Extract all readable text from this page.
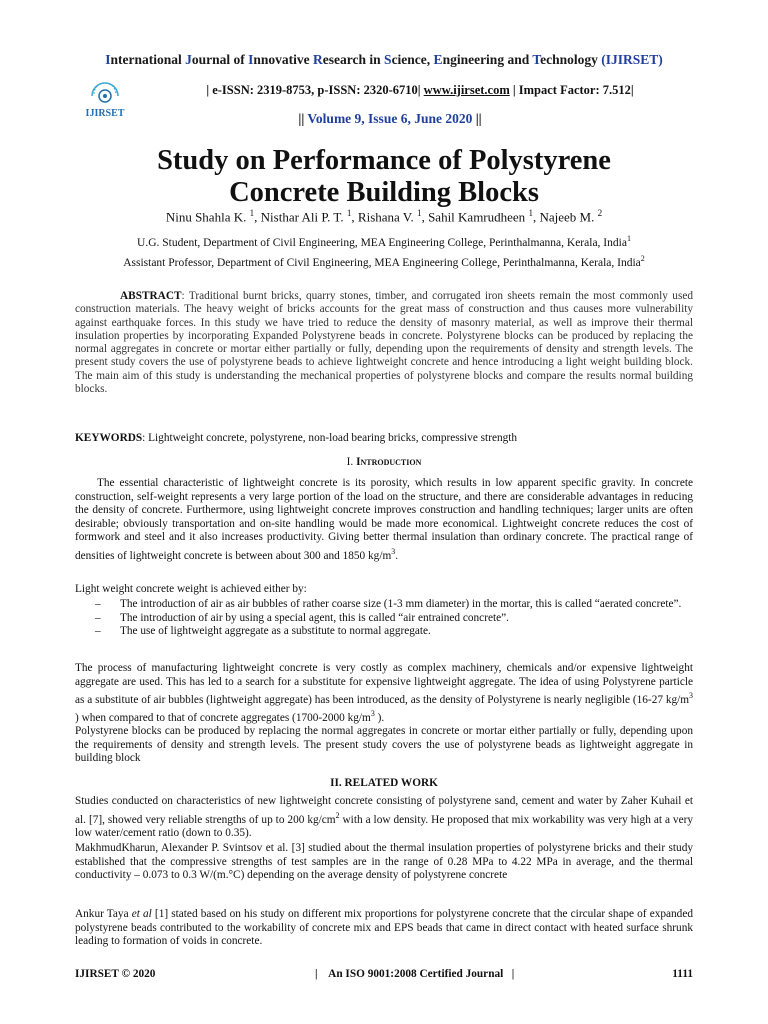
International Journal of Innovative Research in Science, Engineering and Technology (IJIRSET)
IJIRSET
| e-ISSN: 2319-8753, p-ISSN: 2320-6710| www.ijirset.com | Impact Factor: 7.512|
|| Volume 9, Issue 6, June 2020 ||
Study on Performance of Polystyrene
Concrete Building Blocks
Ninu Shahla K. $^1$, Nisthar Ali P. T. $^1$, Rishana V. $^1$, Sahil Kamrudheen $^1$, Najeeb M. $^2$
U.G. Student, Department of Civil Engineering, MEA Engineering College, Perinthalmanna, Kerala, India$^1$
Assistant Professor, Department of Civil Engineering, MEA Engineering College, Perinthalmanna, Kerala, India$^2$

ABSTRACT: Traditional burnt bricks, quarry stones, timber, and corrugated iron sheets remain the most commonly used construction materials. The heavy weight of bricks accounts for the great mass of construction and thus causes more vulnerability against earthquake forces. In this study we have tried to reduce the density of masonry material, as well as improve their thermal insulation properties by incorporating Expanded Polystyrene beads in concrete. Polystyrene blocks can be produced by replacing the normal aggregates in concrete or mortar either partially or fully, depending upon the requirements of density and strength levels. The present study covers the use of polystyrene beads to achieve lightweight concrete and hence introducing a light weight building block. The main aim of this study is understanding the mechanical properties of polystyrene blocks and compare the results normal building blocks.

KEYWORDS: Lightweight concrete, polystyrene, non-load bearing bricks, compressive strength
I. Introduction

The essential characteristic of lightweight concrete is its porosity, which results in low apparent specific gravity. In concrete construction, self-weight represents a very large portion of the load on the structure, and there are considerable advantages in reducing the density of concrete. Furthermore, using lightweight concrete improves construction and handling techniques; larger units are often desirable; obviously transportation and on-site handling would be made more economical. Lightweight concrete reduces the cost of formwork and steel and it also increases productivity. Giving better thermal insulation than ordinary concrete. The practical range of densities of lightweight concrete is between about 300 and 1850 $kg/m^3$.

Light weight concrete weight is achieved either by:

– The introduction of air as air bubbles of rather coarse size (1-3 mm diameter) in the mortar, this is called “aerated concrete”.
– The introduction of air by using a special agent, this is called “air entrained concrete”.
– The use of lightweight aggregate as a substitute to normal aggregate.

The process of manufacturing lightweight concrete is very costly as complex machinery, chemicals and/or expensive lightweight aggregate are used. This has led to a search for a substitute for expensive lightweight aggregate. The idea of using Polystyrene particle as a substitute of air bubbles (lightweight aggregate) has been introduced, as the density of Polystyrene is nearly negligible (16-27 $kg/m^3$ ) when compared to that of concrete aggregates (1700-2000 $kg/m^3$ ).

Polystyrene blocks can be produced by replacing the normal aggregates in concrete or mortar either partially or fully, depending upon the requirements of density and strength levels. The present study covers the use of polystyrene beads as lightweight aggregate in building block

II. RELATED WORK

Studies conducted on characteristics of new lightweight concrete consisting of polystyrene sand, cement and water by Zaher Kuhail et al. [7], showed very reliable strengths of up to 200 $kg/cm^2$ with a low density. He proposed that mix workability was very high at a very low water/cement ratio (down to 0.35).

MakhmudKharun, Alexander P. Svintsov et al. [3] studied about the thermal insulation properties of polystyrene bricks and their study established that the compressive strengths of test samples are in the range of 0.28 MPa to 4.22 MPa in average, and the thermal conductivity – 0.073 to 0.3 W/(m.°C) depending on the average density of polystyrene concrete

Ankur Taya et al [1] stated based on his study on different mix proportions for polystyrene concrete that the circular shape of expanded polystyrene beads contributed to the workability of concrete mix and EPS beads that came in direct contact with heated surface shrunk leading to formation of voids in concrete.

IJIRSET © 2020	|    An ISO 9001:2008 Certified Journal   |	1111
